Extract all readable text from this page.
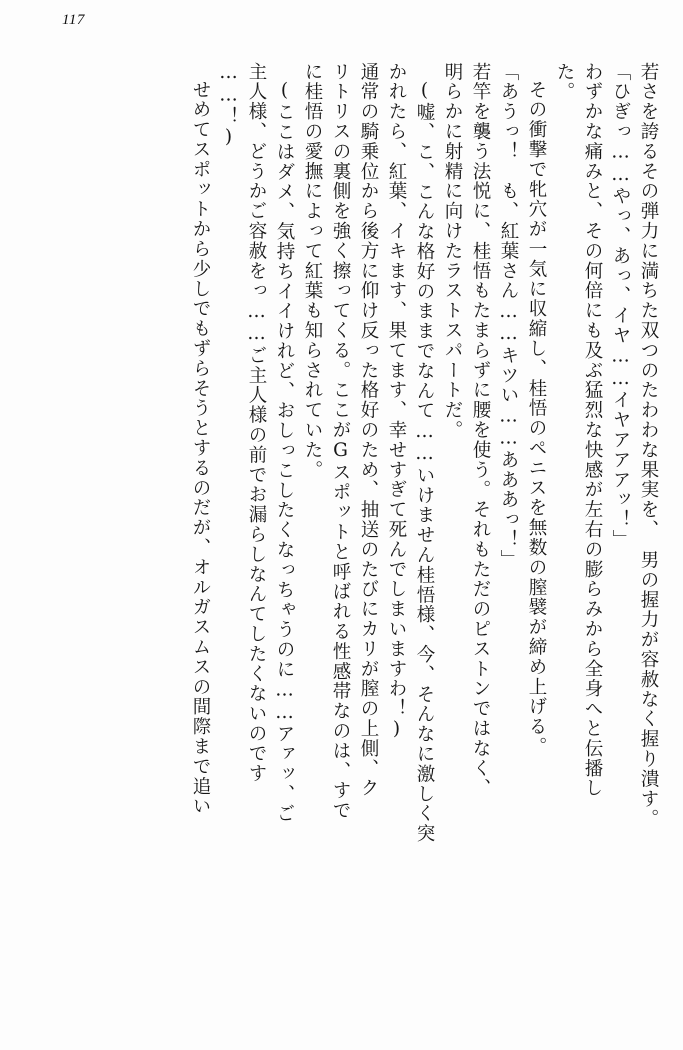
117
若さを誇るその弾力に満ちた双つのたわわな果実を、　男の握力が容赦なく握り潰す。
「ひぎっ……やっ、あっ、イヤ……イヤアアアッ！」
わずかな痛みと、その何倍にも及ぶ猛烈な快感が左右の膨らみから全身へと伝播し
た。
その衝撃で牝穴が一気に収縮し、桂悟のペニスを無数の膣襞が締め上げる。
「あうっ！　も、紅葉さん……キツい……あああっ！」
若竿を襲う法悦に、桂悟もたまらずに腰を使う。それもただのピストンではなく、
明らかに射精に向けたラストスパートだ。
(嘘、こ、こんな格好のままでなんて……いけません桂悟様、今、そんなに激しく突
かれたら、紅葉、イキます、果てます、幸せすぎて死んでしまいますわ！)
通常の騎乗位から後方に仰け反った格好のため、抽送のたびにカリが膣の上側、ク
リトリスの裏側を強く擦ってくる。ここがGスポットと呼ばれる性感帯なのは、すで
に桂悟の愛撫によって紅葉も知らされていた。
(ここはダメ、気持ちイイけれど、おしっこしたくなっちゃうのに……アァッ、ご
主人様、どうかご容赦をっ……ご主人様の前でお漏らしなんてしたくないのです
……！)
せめてスポットから少しでもずらそうとするのだが、オルガスムスの間際まで追い
